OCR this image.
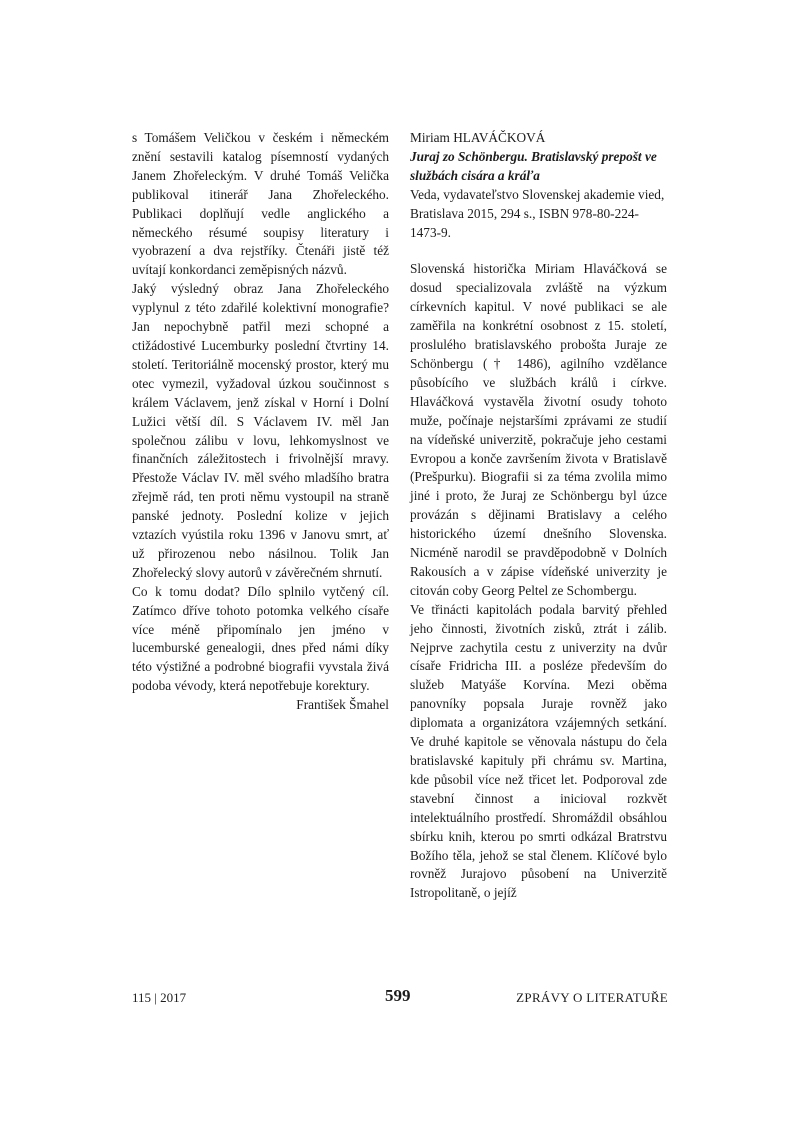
s Tomášem Veličkou v českém i německém znění sestavili katalog písemností vydaných Janem Zhořeleckým. V druhé Tomáš Velička publikoval itinerář Jana Zhořeleckého. Publikaci doplňují vedle anglického a německého résumé soupisy literatury i vyobrazení a dva rejstříky. Čtenáři jistě též uvítají konkordanci zeměpisných názvů.

Jaký výsledný obraz Jana Zhořeleckého vyplynul z této zdařilé kolektivní monografie? Jan nepochybně patřil mezi schopné a ctižádostivé Lucemburky poslední čtvrtiny 14. století. Teritoriálně mocenský prostor, který mu otec vymezil, vyžadoval úzkou součinnost s králem Václavem, jenž získal v Horní i Dolní Lužici větší díl. S Václavem IV. měl Jan společnou zálibu v lovu, lehkomyslnost ve finančních záležitostech i frivolnější mravy. Přestože Václav IV. měl svého mladšího bratra zřejmě rád, ten proti němu vystoupil na straně panské jednoty. Poslední kolize v jejich vztazích vyústila roku 1396 v Janovu smrt, ať už přirozenou nebo násilnou. Tolik Jan Zhořelecký slovy autorů v závěrečném shrnutí.

Co k tomu dodat? Dílo splnilo vytčený cíl. Zatímco dříve tohoto potomka velkého císaře více méně připomínalo jen jméno v lucemburské genealogii, dnes před námi díky této výstižné a podrobné biografii vyvstala živá podoba vévody, která nepotřebuje korektury.

František Šmahel
Miriam HLAVÁČKOVÁ
Juraj zo Schönbergu. Bratislavský prepošt ve službách cisára a kráľa
Veda, vydavateľstvo Slovenskej akademie vied, Bratislava 2015, 294 s., ISBN 978-80-224-1473-9.

Slovenská historička Miriam Hlaváčková se dosud specializovala zvláště na výzkum církevních kapitul. V nové publikaci se ale zaměřila na konkrétní osobnost z 15. století, proslulého bratislavského proboštа Juraje ze Schönbergu († 1486), agilního vzdělance působícího ve službách králů i církve. Hlaváčková vystavěla životní osudy tohoto muže, počínaje nejstaršími zprávami ze studií na vídeňské univerzitě, pokračuje jeho cestami Evropou a konče završením života v Bratislavě (Prešpurku). Biografii si za téma zvolila mimo jiné i proto, že Juraj ze Schönbergu byl úzce provázán s dějinami Bratislavy a celého historického území dnešního Slovenska. Nicméně narodil se pravděpodobně v Dolních Rakousích a v zápise vídeňské univerzity je citován coby Georg Peltel ze Schombergu.

Ve třinácti kapitolách podala barvitý přehled jeho činnosti, životních zisků, ztrát i zálib. Nejprve zachytila cestu z univerzity na dvůr císaře Fridricha III. a posléze především do služeb Matyáše Korvína. Mezi oběma panovníky popsala Juraje rovněž jako diplomata a organizátora vzájemných setkání. Ve druhé kapitole se věnovala nástupu do čela bratislavské kapituly při chrámu sv. Martina, kde působil více než třicet let. Podporoval zde stavební činnost a inicioval rozkvět intelektuálního prostředí. Shromáždil obsáhlou sbírku knih, kterou po smrti odkázal Bratrstvu Božího těla, jehož se stal členem. Klíčové bylo rovněž Jurajovo působení na Univerzitě Istropolitaně, o jejíž

115 | 2017	599	ZPRÁVY O LITERATUŘE
